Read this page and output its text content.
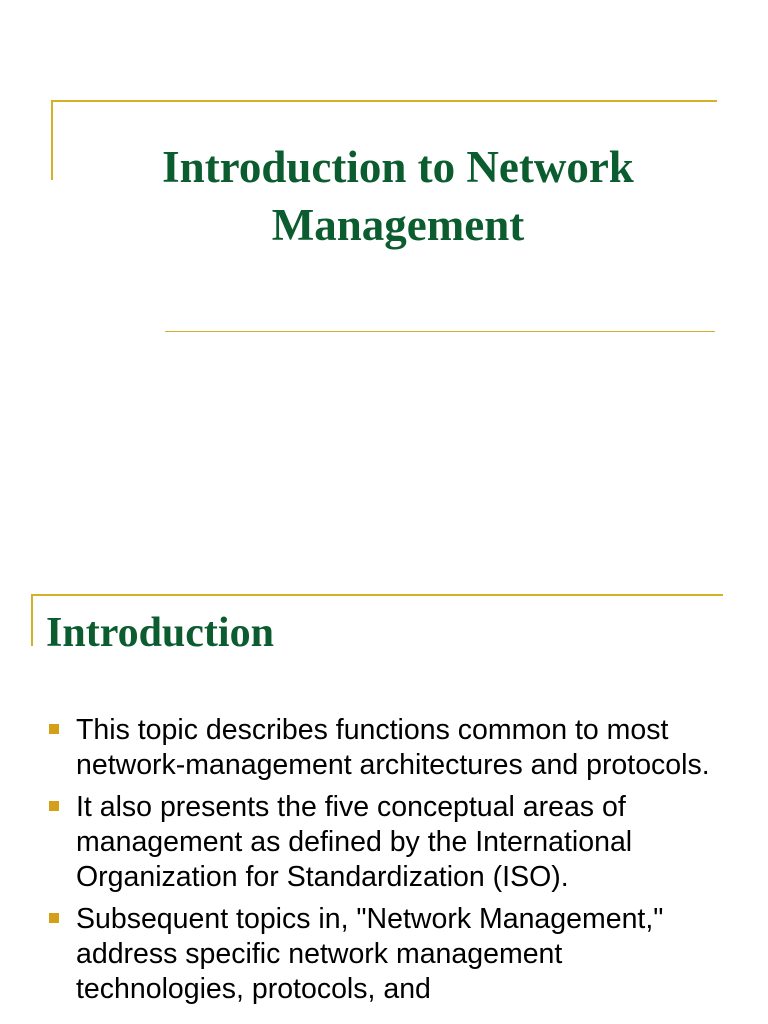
Introduction to Network Management
Introduction
This topic describes functions common to most network-management architectures and protocols.
It also presents the five conceptual areas of management as defined by the International Organization for Standardization (ISO).
Subsequent topics in, "Network Management," address specific network management technologies, protocols, and
